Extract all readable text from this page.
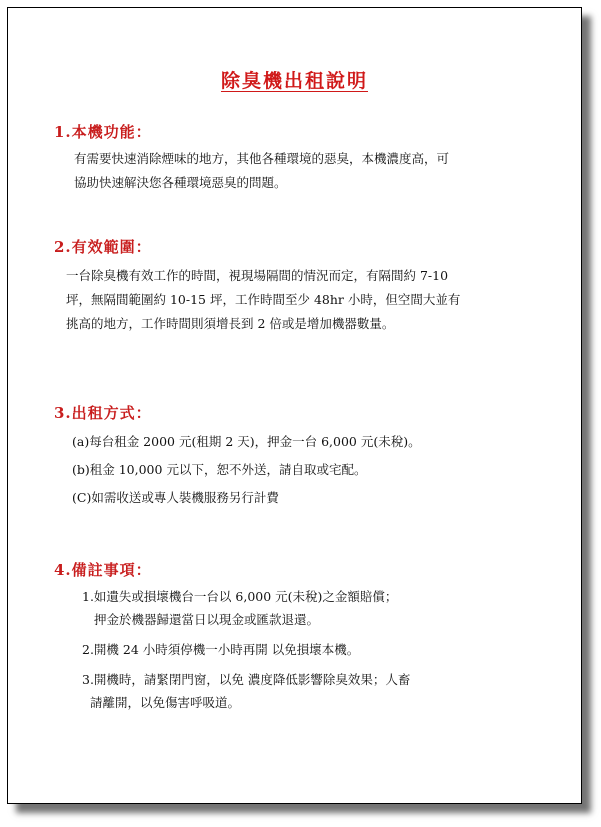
除臭機出租說明
1.本機功能：
有需要快速消除煙味的地方，其他各種環境的惡臭，本機濃度高，可
協助快速解決您各種環境惡臭的問題。
2.有效範圍：
一台除臭機有效工作的時間，視現場隔間的情況而定，有隔間約 7-10
坪，無隔間範圍約 10-15 坪，工作時間至少 48hr 小時，但空間大並有
挑高的地方，工作時間則須增長到 2 倍或是增加機器數量。
3.出租方式：
(a)每台租金 2000 元(租期 2 天)，押金一台 6,000 元(未稅)。
(b)租金 10,000 元以下，恕不外送，請自取或宅配。
(C)如需收送或專人裝機服務另行計費
4.備註事項：
1.如遺失或損壞機台一台以 6,000 元(未稅)之金額賠償；
押金於機器歸還當日以現金或匯款退還。
2.開機 24 小時須停機一小時再開 以免損壞本機。
3.開機時，請緊閉門窗，以免 濃度降低影響除臭效果；人畜
請離開，以免傷害呼吸道。
